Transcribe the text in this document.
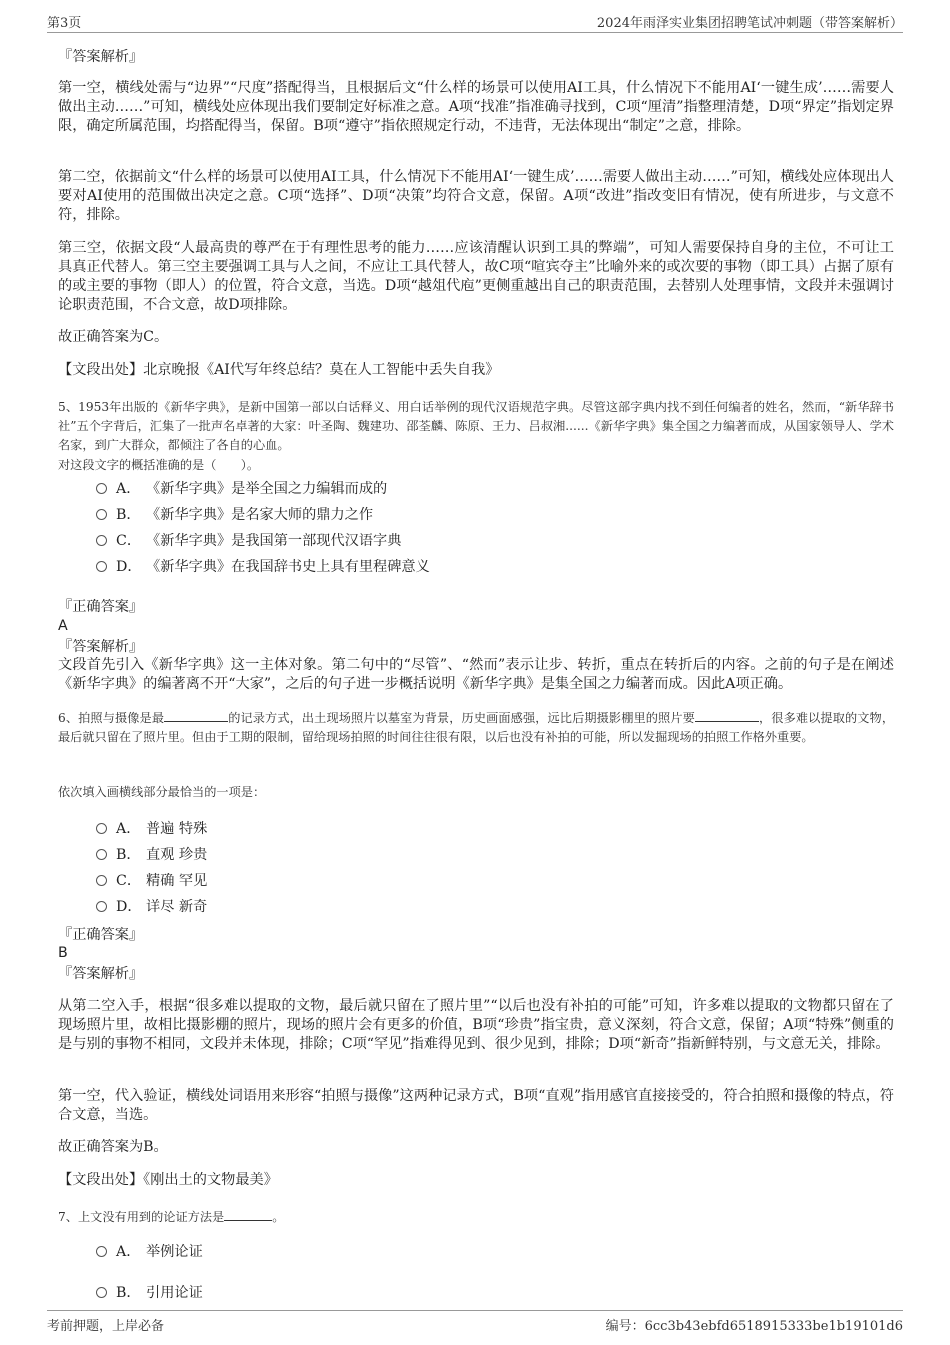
第3页	2024年雨泽实业集团招聘笔试冲刺题（带答案解析）

『答案解析』

第一空，横线处需与“边界”“尺度”搭配得当，且根据后文“什么样的场景可以使用AI工具，什么情况下不能用AI‘一键生成’……需要人做出主动……”可知，横线处应体现出我们要制定好标准之意。A项“找准”指准确寻找到，C项“厘清”指整理清楚，D项“界定”指划定界限，确定所属范围，均搭配得当，保留。B项“遵守”指依照规定行动，不违背，无法体现出“制定”之意，排除。

第二空，依据前文“什么样的场景可以使用AI工具，什么情况下不能用AI‘一键生成’……需要人做出主动……”可知，横线处应体现出人要对AI使用的范围做出决定之意。C项“选择”、D项“决策”均符合文意，保留。A项“改进”指改变旧有情况，使有所进步，与文意不符，排除。

第三空，依据文段“人最高贵的尊严在于有理性思考的能力……应该清醒认识到工具的弊端”，可知人需要保持自身的主位，不可让工具真正代替人。第三空主要强调工具与人之间，不应让工具代替人，故C项“喧宾夺主”比喻外来的或次要的事物（即工具）占据了原有的或主要的事物（即人）的位置，符合文意，当选。D项“越俎代庖”更侧重越出自己的职责范围，去替别人处理事情，文段并未强调讨论职责范围，不合文意，故D项排除。

故正确答案为C。

【文段出处】北京晚报《AI代写年终总结？莫在人工智能中丢失自我》

5、1953年出版的《新华字典》，是新中国第一部以白话释义、用白话举例的现代汉语规范字典。尽管这部字典内找不到任何编者的姓名，然而，“新华辞书社”五个字背后，汇集了一批声名卓著的大家：叶圣陶、魏建功、邵荃麟、陈原、王力、吕叔湘......《新华字典》集全国之力编著而成，从国家领导人、学术名家，到广大群众，都倾注了各自的心血。

对这段文字的概括准确的是（　　）。

A． 《新华字典》是举全国之力编辑而成的
B． 《新华字典》是名家大师的鼎力之作
C． 《新华字典》是我国第一部现代汉语字典
D． 《新华字典》在我国辞书史上具有里程碑意义

『正确答案』

A

『答案解析』

文段首先引入《新华字典》这一主体对象。第二句中的“尽管”、“然而”表示让步、转折，重点在转折后的内容。之前的句子是在阐述《新华字典》的编著离不开“大家”，之后的句子进一步概括说明《新华字典》是集全国之力编著而成。因此A项正确。

6、拍照与摄像是最	的记录方式，出土现场照片以墓室为背景，历史画面感强，远比后期摄影棚里的照片要	，很多难以提取的文物，最后就只留在了照片里。但由于工期的限制，留给现场拍照的时间往往很有限，以后也没有补拍的可能，所以发掘现场的拍照工作格外重要。

依次填入画横线部分最恰当的一项是：

A． 普遍 特殊
B． 直观 珍贵
C． 精确 罕见
D． 详尽 新奇

『正确答案』

B

『答案解析』

从第二空入手，根据“很多难以提取的文物，最后就只留在了照片里”“以后也没有补拍的可能”可知，许多难以提取的文物都只留在了现场照片里，故相比摄影棚的照片，现场的照片会有更多的价值，B项“珍贵”指宝贵，意义深刻，符合文意，保留；A项“特殊”侧重的是与别的事物不相同，文段并未体现，排除；C项“罕见”指难得见到、很少见到，排除；D项“新奇”指新鲜特别，与文意无关，排除。

第一空，代入验证，横线处词语用来形容“拍照与摄像”这两种记录方式，B项“直观”指用感官直接接受的，符合拍照和摄像的特点，符合文意，当选。

故正确答案为B。

【文段出处】《刚出土的文物最美》

7、上文没有用到的论证方法是	。

A． 举例论证
B． 引用论证
考前押题，上岸必备	编号：6cc3b43ebfd6518915333be1b19101d6
